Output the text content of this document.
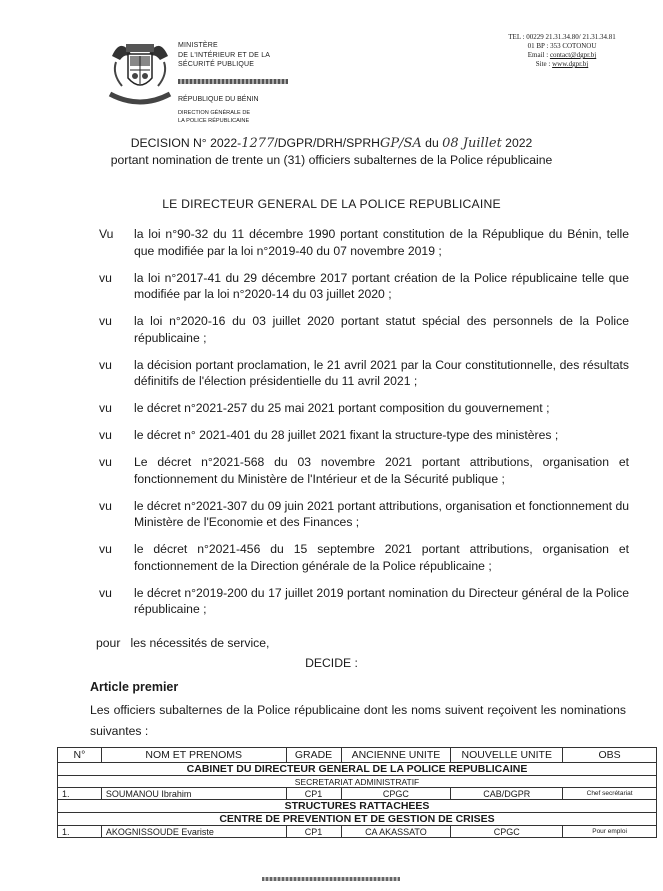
MINISTÈRE
DE L'INTÉRIEUR ET DE LA
SÉCURITÉ PUBLIQUE
RÉPUBLIQUE DU BÉNIN
DIRECTION GÉNÉRALE DE
LA POLICE RÉPUBLICAINE
TEL : 00229 21.31.34.80/ 21.31.34.81
01 BP : 353 COTONOU
Email : contact@dgpr.bj
Site : www.dgpr.bj
DECISION N° 2022-1277/DGPR/DRH/SPRHGP/SA du 08 Juillet 2022
portant nomination de trente un (31) officiers subalternes de la Police républicaine
LE DIRECTEUR GENERAL DE LA POLICE REPUBLICAINE
Vu	la loi n°90-32 du 11 décembre 1990 portant constitution de la République du Bénin, telle que modifiée par la loi n°2019-40 du 07 novembre 2019 ;
vu	la loi n°2017-41 du 29 décembre 2017 portant création de la Police républicaine telle que modifiée par la loi n°2020-14 du 03 juillet 2020 ;
vu	la loi n°2020-16 du 03 juillet 2020 portant statut spécial des personnels de la Police républicaine ;
vu	la décision portant proclamation, le 21 avril 2021 par la Cour constitutionnelle, des résultats définitifs de l'élection présidentielle du 11 avril 2021 ;
vu	le décret n°2021-257 du 25 mai 2021 portant composition du gouvernement ;
vu	le décret n° 2021-401 du 28 juillet 2021 fixant la structure-type des ministères ;
vu	Le décret n°2021-568 du 03 novembre 2021 portant attributions, organisation et fonctionnement du Ministère de l'Intérieur et de la Sécurité publique ;
vu	le décret n°2021-307 du 09 juin 2021 portant attributions, organisation et fonctionnement du Ministère de l'Economie et des Finances ;
vu	le décret n°2021-456 du 15 septembre 2021 portant attributions, organisation et fonctionnement de la Direction générale de la Police républicaine ;
vu	le décret n°2019-200 du 17 juillet 2019 portant nomination du Directeur général de la Police républicaine ;
pour   les nécessités de service,
DECIDE :
Article premier
Les officiers subalternes de la Police républicaine dont les noms suivent reçoivent les nominations suivantes :
N°	NOM ET PRENOMS	GRADE	ANCIENNE UNITE	NOUVELLE UNITE	OBS
CABINET DU DIRECTEUR GENERAL DE LA POLICE REPUBLICAINE					
SECRETARIAT ADMINISTRATIF					
1.	SOUMANOU Ibrahim	CP1	CPGC	CAB/DGPR	Chef secrétariat
STRUCTURES RATTACHEES					
CENTRE DE PREVENTION ET DE GESTION DE CRISES					
1.	AKOGNISSOUDE Evariste	CP1	CA AKASSATO	CPGC	Pour emploi
